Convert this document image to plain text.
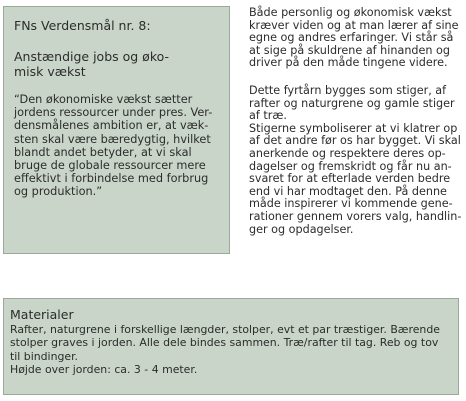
FNs Verdensmål nr. 8:
Anstændige jobs og øko-
misk vækst
“Den økonomiske vækst sætter
jordens ressourcer under pres. Ver-
densmålenes ambition er, at væk-
sten skal være bæredygtig, hvilket
blandt andet betyder, at vi skal
bruge de globale ressourcer mere
effektivt i forbindelse med forbrug
og produktion.”

Både personlig og økonomisk vækst
kræver viden og at man lærer af sine
egne og andres erfaringer. Vi står så
at sige på skuldrene af hinanden og
driver på den måde tingene videre.

Dette fyrtårn bygges som stiger, af
rafter og naturgrene og gamle stiger
af træ.

Stigerne symboliserer at vi klatrer op
af det andre før os har bygget. Vi skal
anerkende og respektere deres op-
dagelser og fremskridt og får nu an-
svaret for at efterlade verden bedre
end vi har modtaget den. På denne
måde inspirerer vi kommende gene-
rationer gennem vorers valg, handlin-
ger og opdagelser.

Materialer
Rafter, naturgrene i forskellige længder, stolper, evt et par træstiger. Bærende
stolper graves i jorden. Alle dele bindes sammen. Træ/rafter til tag. Reb og tov
til bindinger.
Højde over jorden: ca. 3 - 4 meter.
